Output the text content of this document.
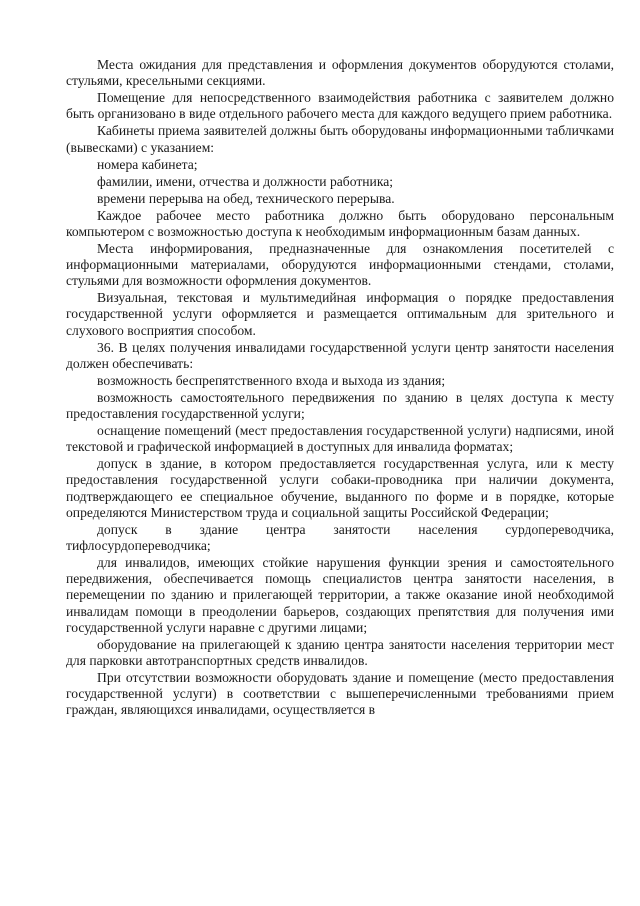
Места ожидания для представления и оформления документов оборудуются столами, стульями, кресельными секциями.

Помещение для непосредственного взаимодействия работника с заявителем должно быть организовано в виде отдельного рабочего места для каждого ведущего прием работника.

Кабинеты приема заявителей должны быть оборудованы информационными табличками (вывесками) с указанием:

номера кабинета;

фамилии, имени, отчества и должности работника;

времени перерыва на обед, технического перерыва.

Каждое рабочее место работника должно быть оборудовано персональным компьютером с возможностью доступа к необходимым информационным базам данных.

Места информирования, предназначенные для ознакомления посетителей с информационными материалами, оборудуются информационными стендами, столами, стульями для возможности оформления документов.

Визуальная, текстовая и мультимедийная информация о порядке предоставления государственной услуги оформляется и размещается оптимальным для зрительного и слухового восприятия способом.

36. В целях получения инвалидами государственной услуги центр занятости населения должен обеспечивать:

возможность беспрепятственного входа и выхода из здания;

возможность самостоятельного передвижения по зданию в целях доступа к месту предоставления государственной услуги;

оснащение помещений (мест предоставления государственной услуги) надписями, иной текстовой и графической информацией в доступных для инвалида форматах;

допуск в здание, в котором предоставляется государственная услуга, или к месту предоставления государственной услуги собаки-проводника при наличии документа, подтверждающего ее специальное обучение, выданного по форме и в порядке, которые определяются Министерством труда и социальной защиты Российской Федерации;

допуск в здание центра занятости населения сурдопереводчика, тифлосурдопереводчика;

для инвалидов, имеющих стойкие нарушения функции зрения и самостоятельного передвижения, обеспечивается помощь специалистов центра занятости населения, в перемещении по зданию и прилегающей территории, а также оказание иной необходимой инвалидам помощи в преодолении барьеров, создающих препятствия для получения ими государственной услуги наравне с другими лицами;

оборудование на прилегающей к зданию центра занятости населения территории мест для парковки автотранспортных средств инвалидов.

При отсутствии возможности оборудовать здание и помещение (место предоставления государственной услуги) в соответствии с вышеперечисленными требованиями прием граждан, являющихся инвалидами, осуществляется в
